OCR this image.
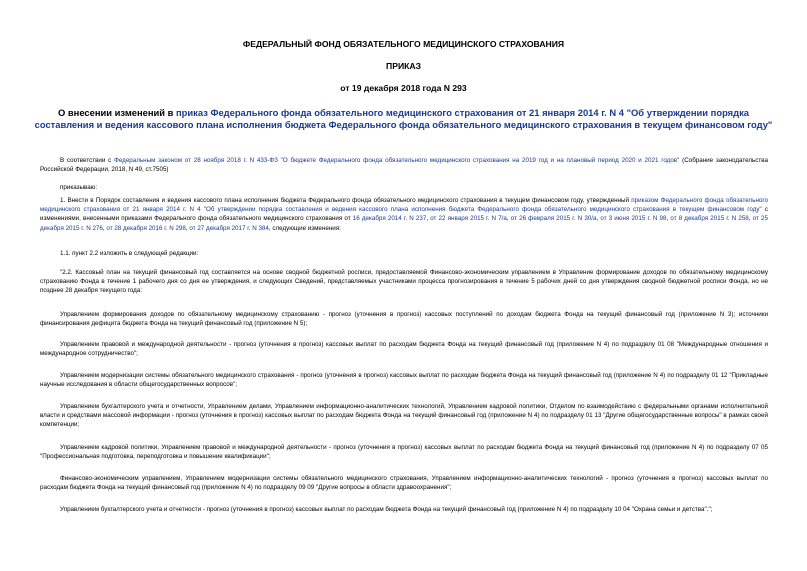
ФЕДЕРАЛЬНЫЙ ФОНД ОБЯЗАТЕЛЬНОГО МЕДИЦИНСКОГО СТРАХОВАНИЯ
ПРИКАЗ
от 19 декабря 2018 года N 293
О внесении изменений в приказ Федерального фонда обязательного медицинского страхования от 21 января 2014 г. N 4 "Об утверждении порядка составления и ведения кассового плана исполнения бюджета Федерального фонда обязательного медицинского страхования в текущем финансовом году"

В соответствии с Федеральным законом от 28 ноября 2018 г. N 433-ФЗ "О бюджете Федерального фонда обязательного медицинского страхования на 2019 год и на плановый период 2020 и 2021 годов" (Собрание законодательства Российской Федерации, 2018, N 49, ст.7505)

приказываю:

1. Внести в Порядок составления и ведения кассового плана исполнения бюджета Федерального фонда обязательного медицинского страхования в текущем финансовом году, утвержденный приказом Федерального фонда обязательного медицинского страхования от 21 января 2014 г. N 4 "Об утверждении порядка составления и ведения кассового плана исполнения бюджета Федерального фонда обязательного медицинского страхования в текущем финансовом году" с изменениями, внесенными приказами Федерального фонда обязательного медицинского страхования от 16 декабря 2014 г. N 237, от 22 января 2015 г. N 7/а, от 26 февраля 2015 г. N 30/а, от 3 июня 2015 г. N 98, от 8 декабря 2015 г. N 258, от 25 декабря 2015 г. N 276, от 28 декабря 2016 г. N 298, от 27 декабря 2017 г. N 384, следующие изменения:

1.1. пункт 2.2 изложить в следующей редакции:

"2.2. Кассовый план на текущий финансовый год составляется на основе сводной бюджетной росписи, предоставляемой Финансово-экономическим управлением в Управление формирование доходов по обязательному медицинскому страхованию Фонда в течение 1 рабочего дня со дня ее утверждения, и следующих Сведений, представляемых участниками процесса прогнозирования в течение 5 рабочих дней со дня утверждения сводной бюджетной росписи Фонда, но не позднее 28 декабря текущего года:

Управлением формирования доходов по обязательному медицинскому страхованию - прогноз (уточнения в прогноз) кассовых поступлений по доходам бюджета Фонда на текущий финансовый год (приложение N 3); источники финансирования дефицита бюджета Фонда на текущий финансовый год (приложение N 5);

Управлением правовой и международной деятельности - прогноз (уточнения в прогноз) кассовых выплат по расходам бюджета Фонда на текущий финансовый год (приложение N 4) по подразделу 01 08 "Международные отношения и международное сотрудничество";

Управлением модернизации системы обязательного медицинского страхования - прогноз (уточнения в прогноз) кассовых выплат по расходам бюджета Фонда на текущий финансовый год (приложение N 4) по подразделу 01 12 "Прикладные научные исследования в области общегосударственных вопросов";

Управлением бухгалтерского учета и отчетности, Управлением делами, Управлением информационно-аналитических технологий, Управлением кадровой политики, Отделом по взаимодействию с федеральными органами исполнительной власти и средствами массовой информации - прогноз (уточнения в прогноз) кассовых выплат по расходам бюджета Фонда на текущий финансовый год (приложение N 4) по подразделу 01 13 "Другие общегосударственные вопросы" в рамках своей компетенции;

Управлением кадровой политики, Управлением правовой и международной деятельности - прогноз (уточнения в прогноз) кассовых выплат по расходам бюджета Фонда на текущий финансовый год (приложение N 4) по подразделу 07 05 "Профессиональная подготовка, переподготовка и повышение квалификации";

Финансово-экономическим управлением, Управлением модернизации системы обязательного медицинского страхования, Управлением информационно-аналитических технологий - прогноз (уточнения в прогноз) кассовых выплат по расходам бюджета Фонда на текущий финансовый год (приложение N 4) по подразделу 09 09 "Другие вопросы в области здравоохранения";

Управлением бухгалтерского учета и отчетности - прогноз (уточнения в прогноз) кассовых выплат по расходам бюджета Фонда на текущий финансовый год (приложение N 4) по подразделу 10 04 "Охрана семьи и детства".";
